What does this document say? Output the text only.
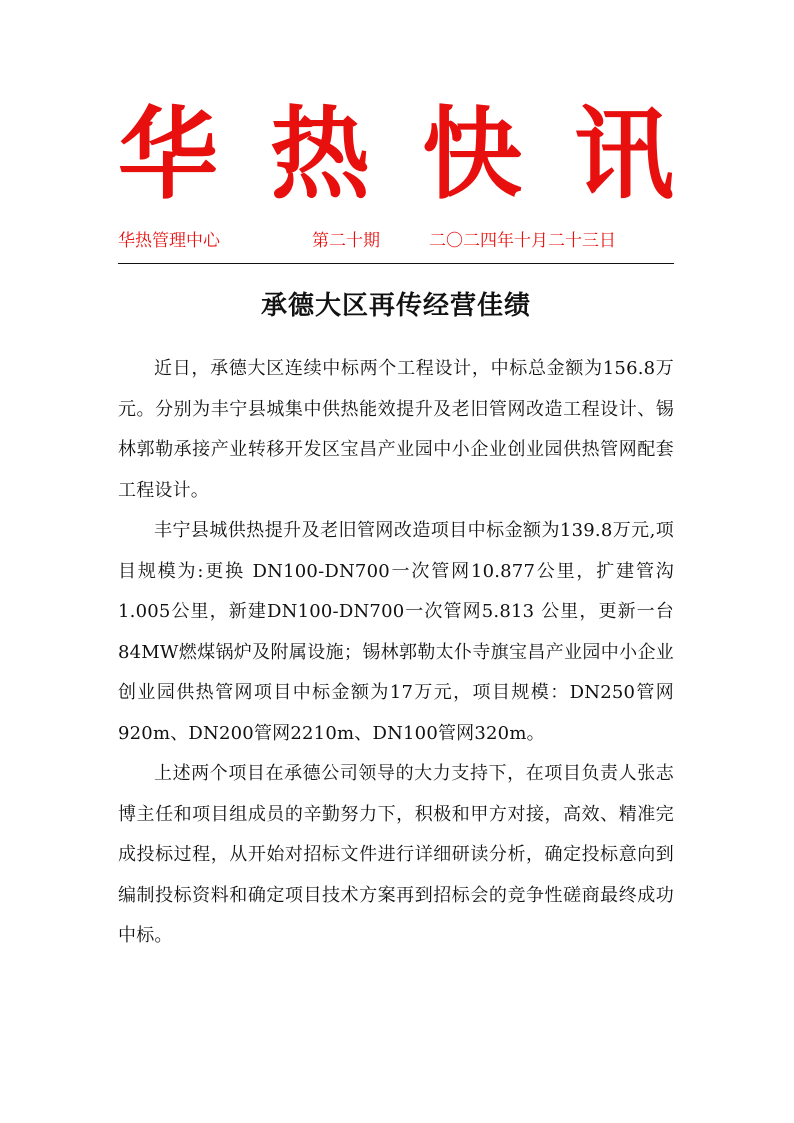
华 热 快 讯
华热管理中心	第二十期	二〇二四年十月二十三日
承德大区再传经营佳绩

近日，承德大区连续中标两个工程设计，中标总金额为156.8万元。分别为丰宁县城集中供热能效提升及老旧管网改造工程设计、锡林郭勒承接产业转移开发区宝昌产业园中小企业创业园供热管网配套工程设计。

丰宁县城供热提升及老旧管网改造项目中标金额为139.8万元,项目规模为:更换 DN100-DN700一次管网10.877公里，扩建管沟1.005公里，新建DN100-DN700一次管网5.813 公里，更新一台84MW燃煤锅炉及附属设施；锡林郭勒太仆寺旗宝昌产业园中小企业创业园供热管网项目中标金额为17万元，项目规模：DN250管网920m、DN200管网2210m、DN100管网320m。

上述两个项目在承德公司领导的大力支持下，在项目负责人张志博主任和项目组成员的辛勤努力下，积极和甲方对接，高效、精准完成投标过程，从开始对招标文件进行详细研读分析，确定投标意向到编制投标资料和确定项目技术方案再到招标会的竞争性磋商最终成功中标。
